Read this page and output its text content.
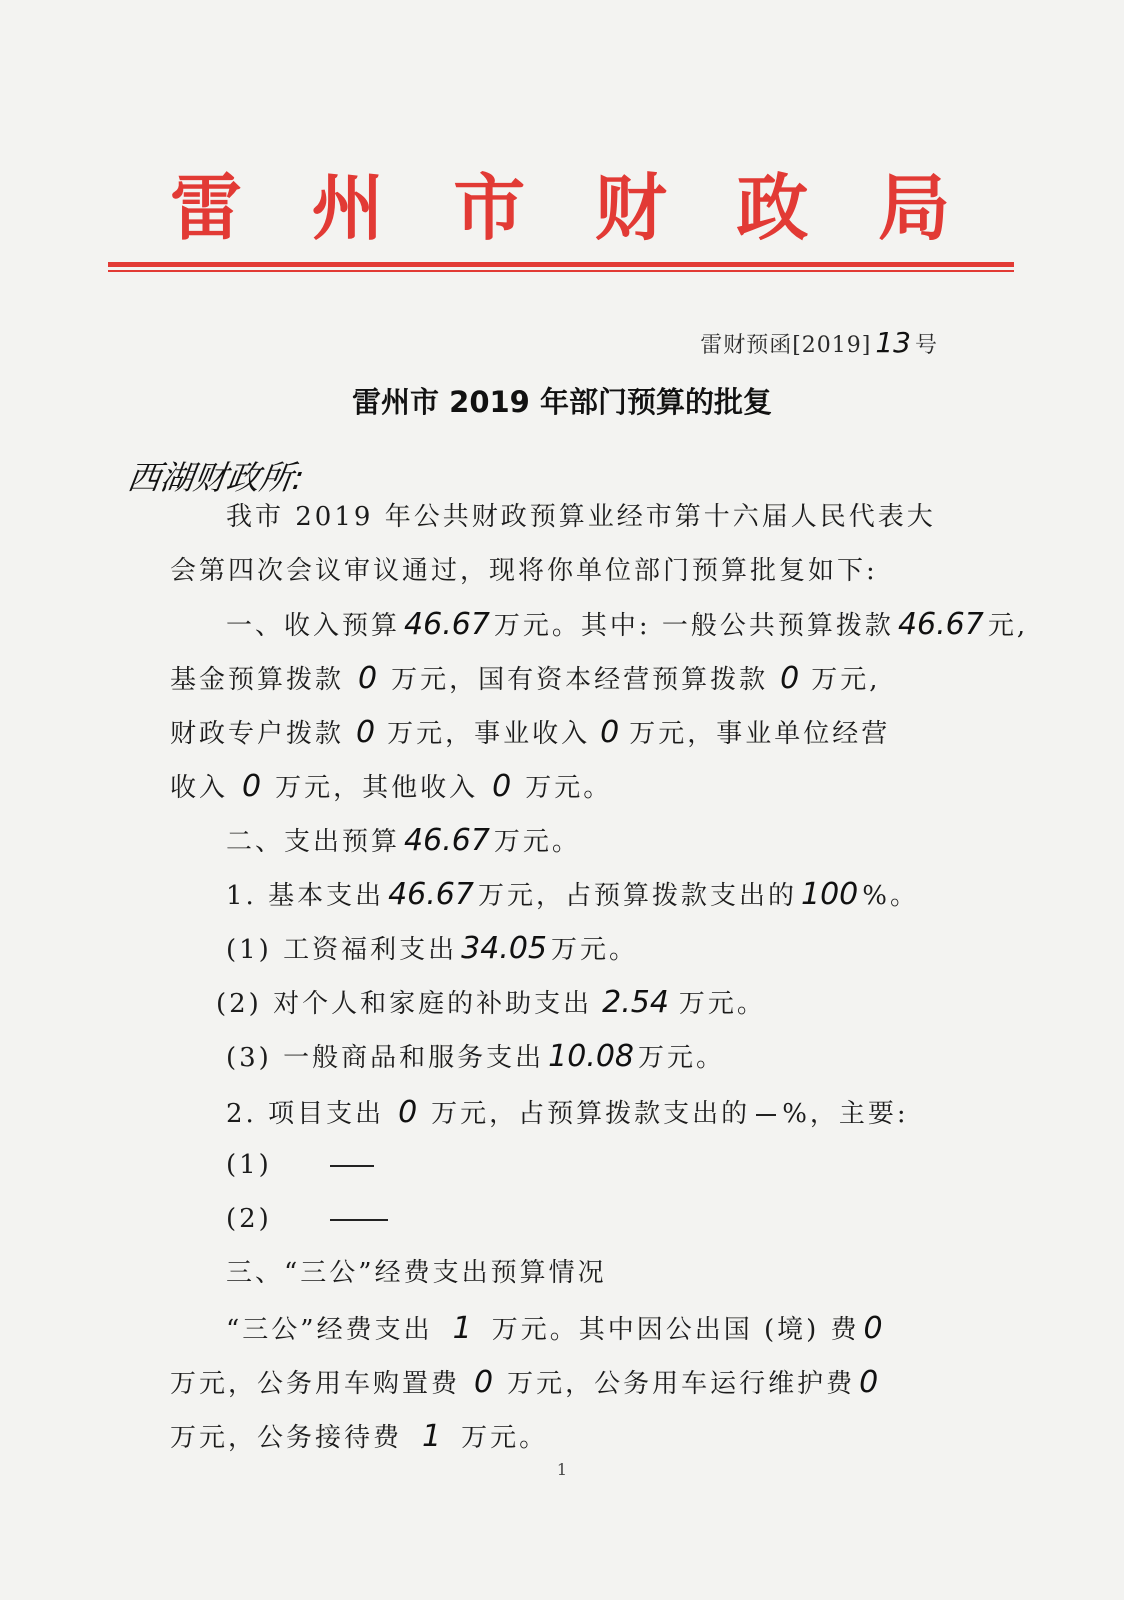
雷 州 市 财 政 局
雷财预函[2019] 13 号
雷州市 2019 年部门预算的批复
西湖财政所:
我市 2019 年公共财政预算业经市第十六届人民代表大
会第四次会议审议通过，现将你单位部门预算批复如下:
一、收入预算 46.67 万元。其中: 一般公共预算拨款 46.67 元,
基金预算拨款 0 万元，国有资本经营预算拨款 0 万元,
财政专户拨款 0 万元，事业收入 0 万元，事业单位经营
收入 0 万元，其他收入 0 万元。
二、支出预算 46.67 万元。
1. 基本支出 46.67 万元，占预算拨款支出的 100 %。
(1) 工资福利支出 34.05 万元。
(2) 对个人和家庭的补助支出 2.54 万元。
(3) 一般商品和服务支出 10.08 万元。
2. 项目支出 0 万元，占预算拨款支出的 %，主要:
(1)
(2)
三、“三公”经费支出预算情况
“三公”经费支出 1 万元。其中因公出国 (境) 费 0
万元，公务用车购置费 0 万元，公务用车运行维护费 0
万元，公务接待费 1 万元。
1
